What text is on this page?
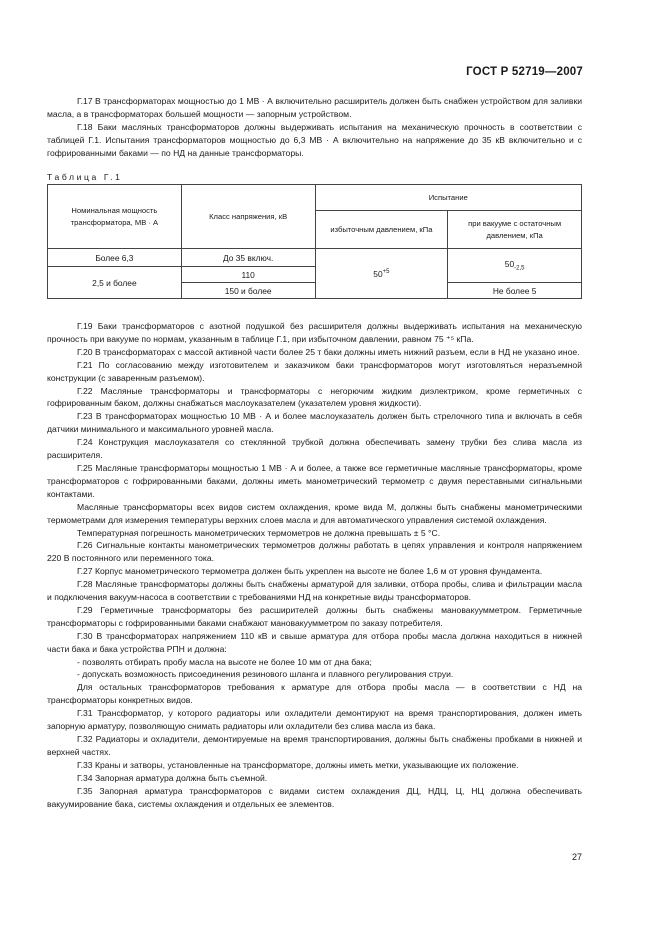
ГОСТ Р 52719—2007

Г.17 В трансформаторах мощностью до 1 МВ · А включительно расширитель должен быть снабжен устройством для заливки масла, а в трансформаторах большей мощности — запорным устройством.

Г.18 Баки масляных трансформаторов должны выдерживать испытания на механическую прочность в соответствии с таблицей Г.1. Испытания трансформаторов мощностью до 6,3 МВ · А включительно на напряжение до 35 кВ включительно и с гофрированными баками — по НД на данные трансформаторы.

Таблица Г.1
Номинальная мощность трансформатора, МВ · А	Класс напряжения, кВ	Испытание	
		избыточным давлением, кПа	при вакууме с остаточным давлением, кПа
Более 6,3	До 35 включ.	$50^{+5}$	$50_{-2,5}$
2,5 и более	110		
	150 и более		Не более 5

Г.19 Баки трансформаторов с азотной подушкой без расширителя должны выдерживать испытания на механическую прочность при вакууме по нормам, указанным в таблице Г.1, при избыточном давлении, равном 75 ⁺⁵ кПа.

Г.20 В трансформаторах с массой активной части более 25 т баки должны иметь нижний разъем, если в НД не указано иное.

Г.21 По согласованию между изготовителем и заказчиком баки трансформаторов могут изготовляться неразъемной конструкции (с заваренным разъемом).

Г.22 Масляные трансформаторы и трансформаторы с негорючим жидким диэлектриком, кроме герметичных с гофрированным баком, должны снабжаться маслоуказателем (указателем уровня жидкости).

Г.23 В трансформаторах мощностью 10 МВ · А и более маслоуказатель должен быть стрелочного типа и включать в себя датчики минимального и максимального уровней масла.

Г.24 Конструкция маслоуказателя со стеклянной трубкой должна обеспечивать замену трубки без слива масла из расширителя.

Г.25 Масляные трансформаторы мощностью 1 МВ · А и более, а также все герметичные масляные трансформаторы, кроме трансформаторов с гофрированными баками, должны иметь манометрический термометр с двумя переставными сигнальными контактами.

Масляные трансформаторы всех видов систем охлаждения, кроме вида М, должны быть снабжены манометрическими термометрами для измерения температуры верхних слоев масла и для автоматического управления системой охлаждения.

Температурная погрешность манометрических термометров не должна превышать ± 5 °С.

Г.26 Сигнальные контакты манометрических термометров должны работать в цепях управления и контроля напряжением 220 В постоянного или переменного тока.

Г.27 Корпус манометрического термометра должен быть укреплен на высоте не более 1,6 м от уровня фундамента.

Г.28 Масляные трансформаторы должны быть снабжены арматурой для заливки, отбора пробы, слива и фильтрации масла и подключения вакуум-насоса в соответствии с требованиями НД на конкретные виды трансформаторов.

Г.29 Герметичные трансформаторы без расширителей должны быть снабжены мановакуумметром. Герметичные трансформаторы с гофрированными баками снабжают мановакуумметром по заказу потребителя.

Г.30 В трансформаторах напряжением 110 кВ и свыше арматура для отбора пробы масла должна находиться в нижней части бака и бака устройства РПН и должна:

- позволять отбирать пробу масла на высоте не более 10 мм от дна бака;

- допускать возможность присоединения резинового шланга и плавного регулирования струи.

Для остальных трансформаторов требования к арматуре для отбора пробы масла — в соответствии с НД на трансформаторы конкретных видов.

Г.31 Трансформатор, у которого радиаторы или охладители демонтируют на время транспортирования, должен иметь запорную арматуру, позволяющую снимать радиаторы или охладители без слива масла из бака.

Г.32 Радиаторы и охладители, демонтируемые на время транспортирования, должны быть снабжены пробками в нижней и верхней частях.

Г.33 Краны и затворы, установленные на трансформаторе, должны иметь метки, указывающие их положение.

Г.34 Запорная арматура должна быть съемной.

Г.35 Запорная арматура трансформаторов с видами систем охлаждения ДЦ, НДЦ, Ц, НЦ должна обеспечивать вакуумирование бака, системы охлаждения и отдельных ее элементов.

27
